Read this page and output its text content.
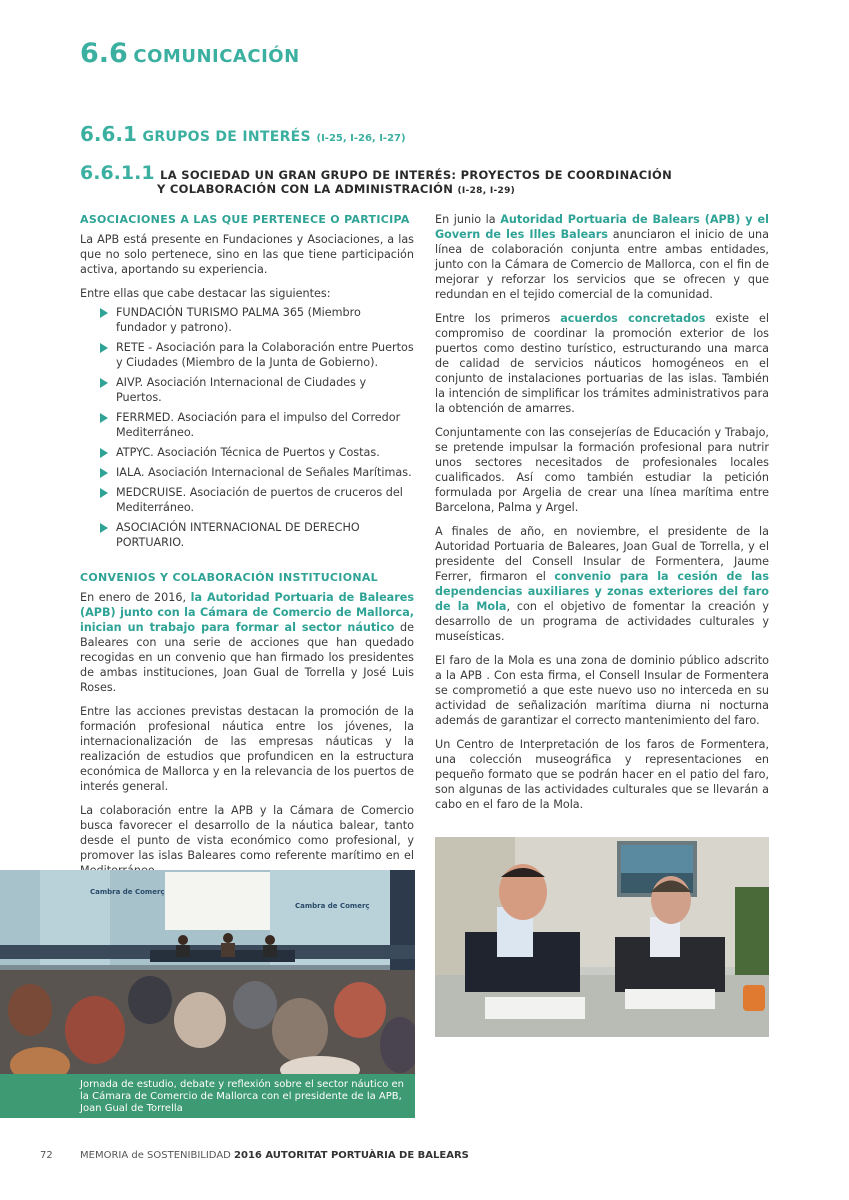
6.6 COMUNICACIÓN
6.6.1 GRUPOS DE INTERÉS (I-25, I-26, I-27)
6.6.1.1 LA SOCIEDAD UN GRAN GRUPO DE INTERÉS: PROYECTOS DE COORDINACIÓN
Y COLABORACIÓN CON LA ADMINISTRACIÓN (I-28, I-29)
ASOCIACIONES A LAS QUE PERTENECE O PARTICIPA

La APB está presente en Fundaciones y Asociaciones, a las que no solo pertenece, sino en las que tiene participación activa, aportando su experiencia.

Entre ellas que cabe destacar las siguientes:

FUNDACIÓN TURISMO PALMA 365 (Miembro fundador y patrono).
RETE - Asociación para la Colaboración entre Puertos y Ciudades (Miembro de la Junta de Gobierno).
AIVP. Asociación Internacional de Ciudades y Puertos.
FERRMED. Asociación para el impulso del Corredor Mediterráneo.
ATPYC. Asociación Técnica de Puertos y Costas.
IALA. Asociación Internacional de Señales Marítimas.
MEDCRUISE. Asociación de puertos de cruceros del Mediterráneo.
ASOCIACIÓN INTERNACIONAL DE DERECHO PORTUARIO.
CONVENIOS Y COLABORACIÓN INSTITUCIONAL

En enero de 2016, la Autoridad Portuaria de Baleares (APB) junto con la Cámara de Comercio de Mallorca, inician un trabajo para formar al sector náutico de Baleares con una serie de acciones que han quedado recogidas en un convenio que han firmado los presidentes de ambas instituciones, Joan Gual de Torrella y José Luis Roses.

Entre las acciones previstas destacan la promoción de la formación profesional náutica entre los jóvenes, la internacionalización de las empresas náuticas y la realización de estudios que profundicen en la estructura económica de Mallorca y en la relevancia de los puertos de interés general.

La colaboración entre la APB y la Cámara de Comercio busca favorecer el desarrollo de la náutica balear, tanto desde el punto de vista económico como profesional, y promover las islas Baleares como referente marítimo en el

En junio la Autoridad Portuaria de Balears (APB) y el Govern de les Illes Balears anunciaron el inicio de una línea de colaboración conjunta entre ambas entidades, junto con la Cámara de Comercio de Mallorca, con el fin de mejorar y reforzar los servicios que se ofrecen y que redundan en el tejido comercial de la comunidad.

Entre los primeros acuerdos concretados existe el compromiso de coordinar la promoción exterior de los puertos como destino turístico, estructurando una marca de calidad de servicios náuticos homogéneos en el conjunto de instalaciones portuarias de las islas. También la intención de simplificar los trámites administrativos para la obtención de amarres.

Conjuntamente con las consejerías de Educación y Trabajo, se pretende impulsar la formación profesional para nutrir unos sectores necesitados de profesionales locales cualificados. Así como también estudiar la petición formulada por Argelia de crear una línea marítima entre Barcelona, Palma y Argel.

A finales de año, en noviembre, el presidente de la Autoridad Portuaria de Baleares, Joan Gual de Torrella, y el presidente del Consell Insular de Formentera, Jaume Ferrer, firmaron el convenio para la cesión de las dependencias auxiliares y zonas exteriores del faro de la Mola, con el objetivo de fomentar la creación y desarrollo de un programa de actividades culturales y museísticas.

El faro de la Mola es una zona de dominio público adscrito a la APB . Con esta firma, el Consell Insular de Formentera se comprometió a que este nuevo uso no interceda en su actividad de señalización marítima diurna ni nocturna además de garantizar el correcto mantenimiento del faro.

Un Centro de Interpretación de los faros de Formentera, una colección museográfica y representaciones en pequeño formato que se podrán hacer en el patio del faro, son algunas de las actividades culturales que se llevarán a cabo en el faro de la Mola.

Cambra de Comerç
Cambra de Comerç
Jornada de estudio, debate y reflexión sobre el sector náutico en la Cámara de Comercio de Mallorca con el presidente de la APB, Joan Gual de Torrella
72	MEMORIA de SOSTENIBILIDAD 2016 AUTORITAT PORTUÀRIA DE BALEARS
